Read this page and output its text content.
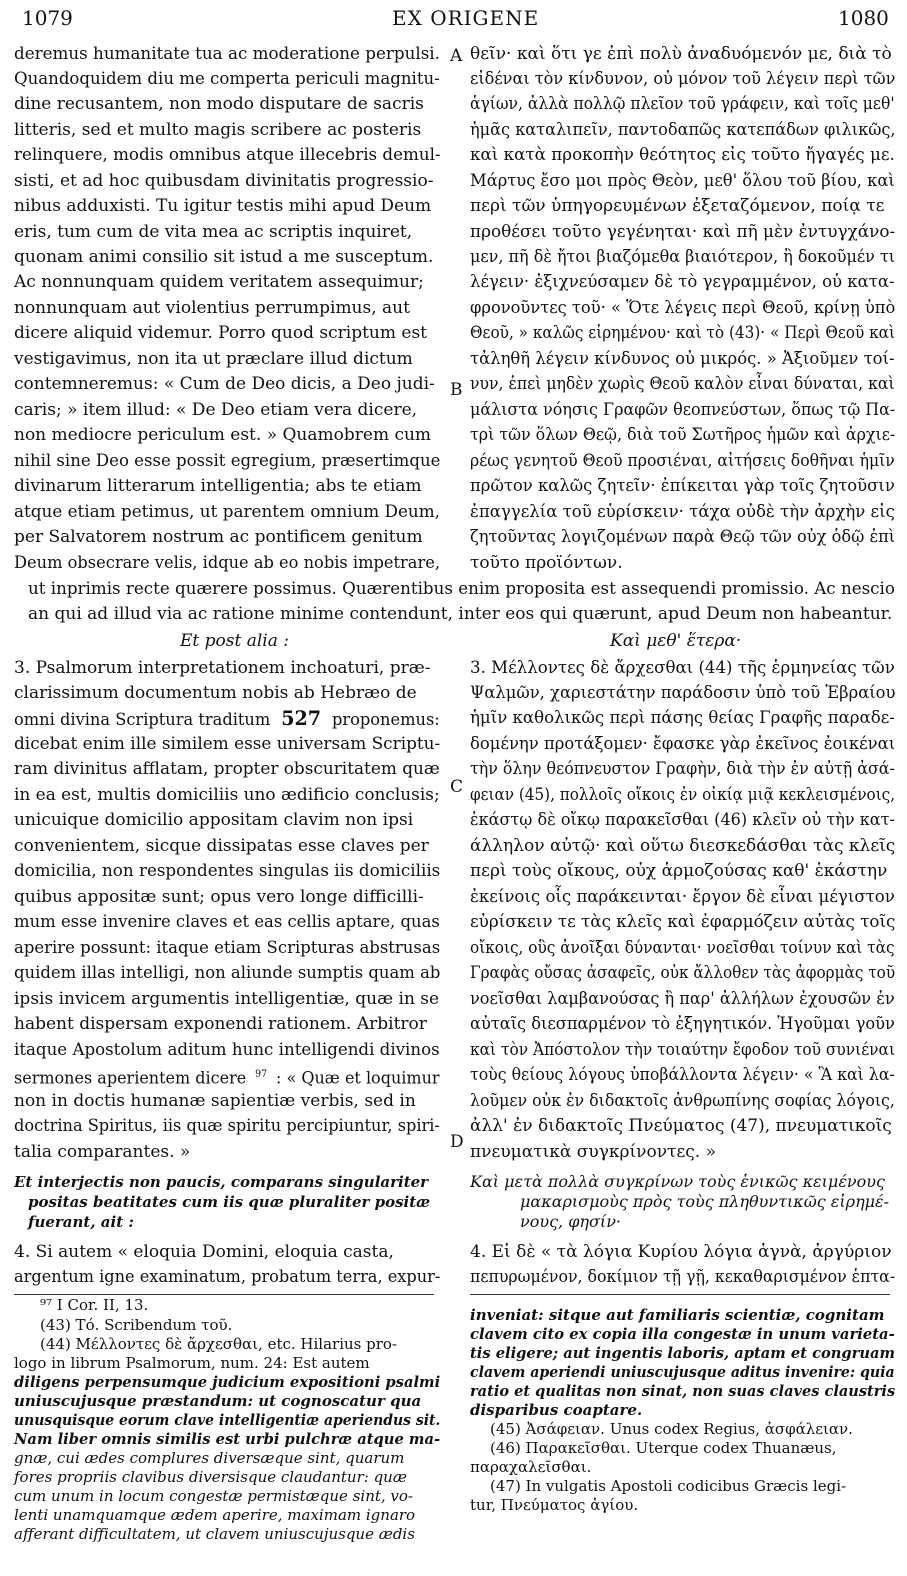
1079	EX ORIGENE	1080
A
B
C
D
deremus humanitate tua ac moderatione perpulsi.
Quandoquidem diu me comperta periculi magnitu-
dine recusantem, non modo disputare de sacris
litteris, sed et multo magis scribere ac posteris
relinquere, modis omnibus atque illecebris demul-
sisti, et ad hoc quibusdam divinitatis progressio-
nibus adduxisti. Tu igitur testis mihi apud Deum
eris, tum cum de vita mea ac scriptis inquiret,
quonam animi consilio sit istud a me susceptum.
Ac nonnunquam quidem veritatem assequimur;
nonnunquam aut violentius perrumpimus, aut
dicere aliquid videmur. Porro quod scriptum est
vestigavimus, non ita ut præclare illud dictum
contemneremus: « Cum de Deo dicis, a Deo judi-
caris; » item illud: « De Deo etiam vera dicere,
non mediocre periculum est. » Quamobrem cum
nihil sine Deo esse possit egregium, præsertimque
divinarum litterarum intelligentia; abs te etiam
atque etiam petimus, ut parentem omnium Deum,
per Salvatorem nostrum ac pontificem genitum
Deum obsecrare velis, idque ab eo nobis impetrare,
θεῖν· καὶ ὅτι γε ἐπὶ πολὺ ἀναδυόμενόν με, διὰ τὸ
εἰδέναι τὸν κίνδυνον, οὐ μόνον τοῦ λέγειν περὶ τῶν
ἁγίων, ἀλλὰ πολλῷ πλεῖον τοῦ γράφειν, καὶ τοῖς μεθ'
ἡμᾶς καταλιπεῖν, παντοδαπῶς κατεπάδων φιλικῶς,
καὶ κατὰ προκοπὴν θεότητος εἰς τοῦτο ἤγαγές με.
Μάρτυς ἔσο μοι πρὸς Θεὸν, μεθ' ὅλου τοῦ βίου, καὶ
περὶ τῶν ὑπηγορευμένων ἐξεταζόμενον, ποίᾳ τε
προθέσει τοῦτο γεγένηται· καὶ πῆ μὲν ἐντυγχάνο-
μεν, πῆ δὲ ἤτοι βιαζόμεθα βιαιότερον, ἢ δοκοῦμέν τι
λέγειν· ἐξιχνεύσαμεν δὲ τὸ γεγραμμένον, οὐ κατα-
φρονοῦντες τοῦ· « Ὅτε λέγεις περὶ Θεοῦ, κρίνῃ ὑπὸ
Θεοῦ, » καλῶς εἰρημένου· καὶ τὸ (43)· « Περὶ Θεοῦ καὶ
τἀληθῆ λέγειν κίνδυνος οὐ μικρός. » Ἀξιοῦμεν τοί-
νυν, ἐπεὶ μηδὲν χωρὶς Θεοῦ καλὸν εἶναι δύναται, καὶ
μάλιστα νόησις Γραφῶν θεοπνεύστων, ὅπως τῷ Πα-
τρὶ τῶν ὅλων Θεῷ, διὰ τοῦ Σωτῆρος ἡμῶν καὶ ἀρχιε-
ρέως γενητοῦ Θεοῦ προσιέναι, αἰτήσεις δοθῆναι ἡμῖν
πρῶτον καλῶς ζητεῖν· ἐπίκειται γὰρ τοῖς ζητοῦσιν
ἐπαγγελία τοῦ εὑρίσκειν· τάχα οὐδὲ τὴν ἀρχὴν εἰς
ζητοῦντας λογιζομένων παρὰ Θεῷ τῶν οὐχ ὁδῷ ἐπὶ
τοῦτο προϊόντων.
ut inprimis recte quærere possimus. Quærentibus enim proposita est assequendi promissio. Ac nescio
an qui ad illud via ac ratione minime contendunt, inter eos qui quærunt, apud Deum non habeantur.
Et post alia :	Καὶ μεθ' ἕτερα·
3. Psalmorum interpretationem inchoaturi, præ-
clarissimum documentum nobis ab Hebræo de
omni divina Scriptura traditum 527 proponemus:
dicebat enim ille similem esse universam Scriptu-
ram divinitus afflatam, propter obscuritatem quæ
in ea est, multis domiciliis uno ædificio conclusis;
unicuique domicilio appositam clavim non ipsi
convenientem, sicque dissipatas esse claves per
domicilia, non respondentes singulas iis domiciliis
quibus appositæ sunt; opus vero longe difficilli-
mum esse invenire claves et eas cellis aptare, quas
aperire possunt: itaque etiam Scripturas abstrusas
quidem illas intelligi, non aliunde sumptis quam ab
ipsis invicem argumentis intelligentiæ, quæ in se
habent dispersam exponendi rationem. Arbitror
itaque Apostolum aditum hunc intelligendi divinos
sermones aperientem dicere $^{97}$ : « Quæ et loquimur
non in doctis humanæ sapientiæ verbis, sed in
doctrina Spiritus, iis quæ spiritu percipiuntur, spiri-
talia comparantes. »
3. Μέλλοντες δὲ ἄρχεσθαι (44) τῆς ἑρμηνείας τῶν
Ψαλμῶν, χαριεστάτην παράδοσιν ὑπὸ τοῦ Ἑβραίου
ἡμῖν καθολικῶς περὶ πάσης θείας Γραφῆς παραδε-
δομένην προτάξομεν· ἔφασκε γὰρ ἐκεῖνος ἐοικέναι
τὴν ὅλην θεόπνευστον Γραφὴν, διὰ τὴν ἐν αὐτῇ ἀσά-
φειαν (45), πολλοῖς οἴκοις ἐν οἰκίᾳ μιᾷ κεκλεισμένοις,
ἑκάστῳ δὲ οἴκῳ παρακεῖσθαι (46) κλεῖν οὐ τὴν κατ-
άλληλον αὐτῷ· καὶ οὕτω διεσκεδάσθαι τὰς κλεῖς
περὶ τοὺς οἴκους, οὐχ ἁρμοζούσας καθ' ἑκάστην
ἐκείνοις οἷς παράκεινται· ἔργον δὲ εἶναι μέγιστον
εὑρίσκειν τε τὰς κλεῖς καὶ ἐφαρμόζειν αὐτὰς τοῖς
οἴκοις, οὓς ἀνοῖξαι δύνανται· νοεῖσθαι τοίνυν καὶ τὰς
Γραφὰς οὔσας ἀσαφεῖς, οὐκ ἄλλοθεν τὰς ἀφορμὰς τοῦ
νοεῖσθαι λαμβανούσας ἢ παρ' ἀλλήλων ἐχουσῶν ἐν
αὐταῖς διεσπαρμένον τὸ ἐξηγητικόν. Ἡγοῦμαι γοῦν
καὶ τὸν Ἀπόστολον τὴν τοιαύτην ἔφοδον τοῦ συνιέναι
τοὺς θείους λόγους ὑποβάλλοντα λέγειν· « Ἃ καὶ λα-
λοῦμεν οὐκ ἐν διδακτοῖς ἀνθρωπίνης σοφίας λόγοις,
ἀλλ' ἐν διδακτοῖς Πνεύματος (47), πνευματικοῖς
πνευματικὰ συγκρίνοντες. »
Et interjectis non paucis, comparans singulariter
positas beatitates cum iis quæ pluraliter positæ
fuerant, ait :
Καὶ μετὰ πολλὰ συγκρίνων τοὺς ἑνικῶς κειμένους
μακαρισμοὺς πρὸς τοὺς πληθυντικῶς εἰρημέ-
νους, φησίν·
4. Si autem « eloquia Domini, eloquia casta,
argentum igne examinatum, probatum terra, expur-
4. Εἰ δὲ « τὰ λόγια Κυρίου λόγια ἁγνὰ, ἀργύριον
πεπυρωμένον, δοκίμιον τῇ γῇ, κεκαθαρισμένον ἑπτα-
⁹⁷ I Cor. II, 13.
(43) Τό. Scribendum τοῦ.
(44) Μέλλοντες δὲ ἄρχεσθαι, etc. Hilarius pro-
logo in librum Psalmorum, num. 24: Est autem
diligens perpensumque judicium expositioni psalmi
uniuscujusque præstandum: ut cognoscatur qua
unusquisque eorum clave intelligentiæ aperiendus sit.
Nam liber omnis similis est urbi pulchræ atque ma-
gnæ, cui ædes complures diversæque sint, quarum
fores propriis clavibus diversisque claudantur: quæ
cum unum in locum congestæ permistæque sint, vo-
lenti unamquamque ædem aperire, maximam ignaro
afferant difficultatem, ut clavem uniuscujusque ædis
inveniat: sitque aut familiaris scientiæ, cognitam
clavem cito ex copia illa congestæ in unum varieta-
tis eligere; aut ingentis laboris, aptam et congruam
clavem aperiendi uniuscujusque aditus invenire: quia
ratio et qualitas non sinat, non suas claves claustris
disparibus coaptare.
(45) Ἀσάφειαν. Unus codex Regius, ἀσφάλειαν.
(46) Παρακεῖσθαι. Uterque codex Thuanæus,
παραχαλεῖσθαι.
(47) In vulgatis Apostoli codicibus Græcis legi-
tur, Πνεύματος ἁγίου.
